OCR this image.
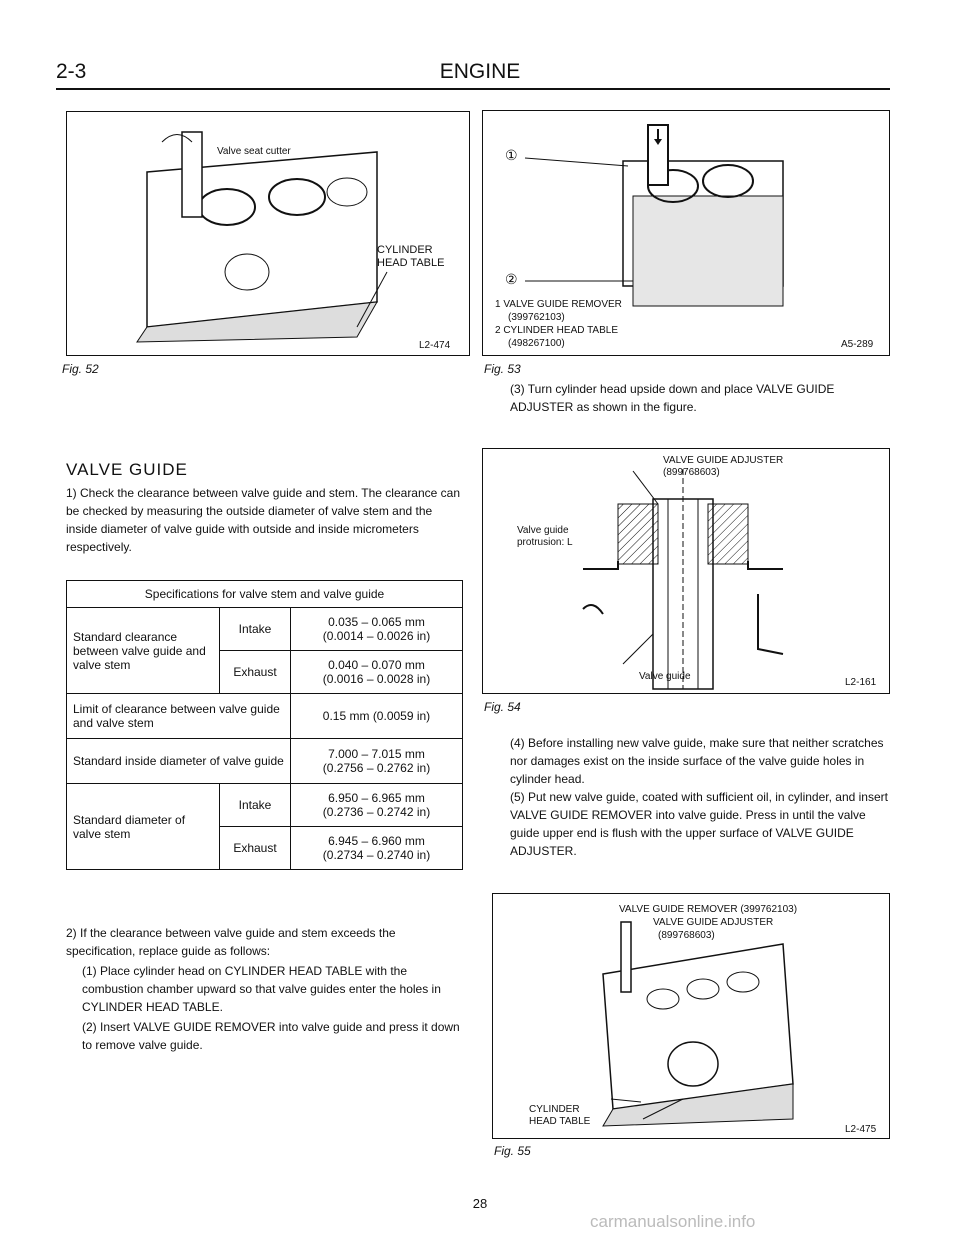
2-3	ENGINE
Valve seat cutter
CYLINDER
HEAD TABLE
L2-474
Fig. 52
①
②
1 VALVE GUIDE REMOVER
(399762103)
2 CYLINDER HEAD TABLE
(498267100)	A5-289
Fig. 53
(3) Turn cylinder head upside down and place VALVE GUIDE ADJUSTER as shown in the figure.
VALVE GUIDE ADJUSTER
(899768603)
Valve guide
protrusion: L
Valve guide
L2-161
Fig. 54
VALVE GUIDE
1) Check the clearance between valve guide and stem. The clearance can be checked by measuring the outside diameter of valve stem and the inside diameter of valve guide with outside and inside micrometers respectively.
Specifications for valve stem and valve guide		
Standard clearance between valve guide and valve stem	Intake	0.035 – 0.065 mm
(0.0014 – 0.0026 in)

	Exhaust	0.040 – 0.070 mm
(0.0016 – 0.0028 in)

Limit of clearance between valve guide and valve stem		0.15 mm (0.0059 in)
Standard inside diameter of valve guide		7.000 – 7.015 mm
(0.2756 – 0.2762 in)

Standard diameter of valve stem	Intake	6.950 – 6.965 mm
(0.2736 – 0.2742 in)

	Exhaust	6.945 – 6.960 mm
(0.2734 – 0.2740 in)
2) If the clearance between valve guide and stem exceeds the specification, replace guide as follows:
(1) Place cylinder head on CYLINDER HEAD TABLE with the combustion chamber upward so that valve guides enter the holes in CYLINDER HEAD TABLE.
(2) Insert VALVE GUIDE REMOVER into valve guide and press it down to remove valve guide.
(4) Before installing new valve guide, make sure that neither scratches nor damages exist on the inside surface of the valve guide holes in cylinder head.
(5) Put new valve guide, coated with sufficient oil, in cylinder, and insert VALVE GUIDE REMOVER into valve guide. Press in until the valve guide upper end is flush with the upper surface of VALVE GUIDE ADJUSTER.
VALVE GUIDE REMOVER (399762103)
VALVE GUIDE ADJUSTER
(899768603)
CYLINDER
HEAD TABLE
L2-475
Fig. 55
28
carmanualsonline.info
